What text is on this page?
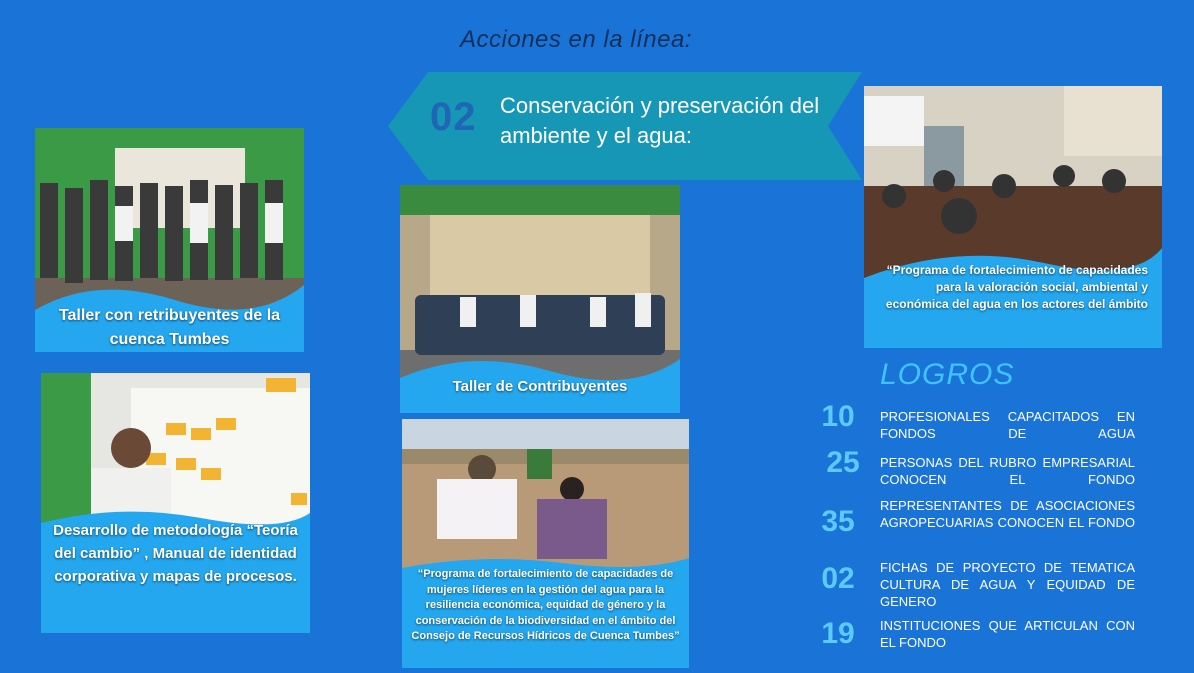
Acciones en la línea:
02 Conservación y preservación del ambiente y el agua:
Taller con retribuyentes de la cuenca Tumbes
Taller de Contribuyentes
“Programa de fortalecimiento de capacidades para la valoración social, ambiental y económica del agua en los actores del ámbito
Desarrollo de metodología “Teoría del cambio” , Manual de identidad corporativa y mapas de procesos.	“Programa de fortalecimiento de capacidades de mujeres líderes en la gestión del agua para la resiliencia económica, equidad de género y la conservación de la biodiversidad en el ámbito del Consejo de Recursos Hídricos de Cuenca Tumbes”
LOGROS
10	PROFESIONALES CAPACITADOS EN FONDOS DE AGUA
25	PERSONAS DEL RUBRO EMPRESARIAL CONOCEN EL FONDO
35	REPRESENTANTES DE ASOCIACIONES AGROPECUARIAS CONOCEN EL FONDO
02	FICHAS DE PROYECTO DE TEMATICA CULTURA DE AGUA Y EQUIDAD DE GENERO
19	INSTITUCIONES QUE ARTICULAN CON EL FONDO
